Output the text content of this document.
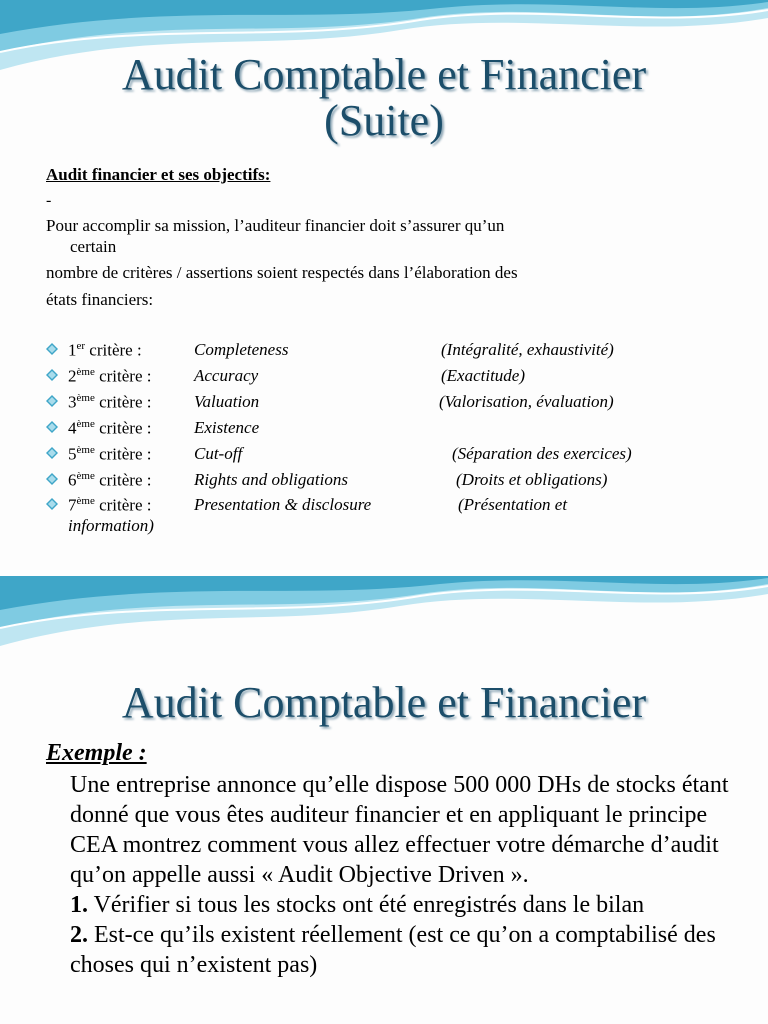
Audit Comptable et Financier
(Suite)
Audit financier et ses objectifs:
-
Pour accomplir sa mission, l’auditeur financier doit s’assurer qu’un
certain
nombre de critères / assertions soient respectés dans l’élaboration des
états financiers:
1er critère :	Completeness	(Intégralité, exhaustivité)
2ème critère :	Accuracy	(Exactitude)
3ème critère :	Valuation	(Valorisation, évaluation)
4ème critère :	Existence
5ème critère :	Cut-off	(Séparation des exercices)
6ème critère :	Rights and obligations	(Droits et obligations)
7ème critère :	Presentation & disclosure	(Présentation et
information)
Audit Comptable et Financier
Exemple :

Une entreprise annonce qu’elle dispose 500 000 DHs de stocks étant donné que vous êtes auditeur financier et en appliquant le principe CEA montrez comment vous allez effectuer votre démarche d’audit qu’on appelle aussi « Audit Objective Driven ».

1. Vérifier si tous les stocks ont été enregistrés dans le bilan

2. Est-ce qu’ils existent réellement (est ce qu’on a comptabilisé des choses qui n’existent pas)
